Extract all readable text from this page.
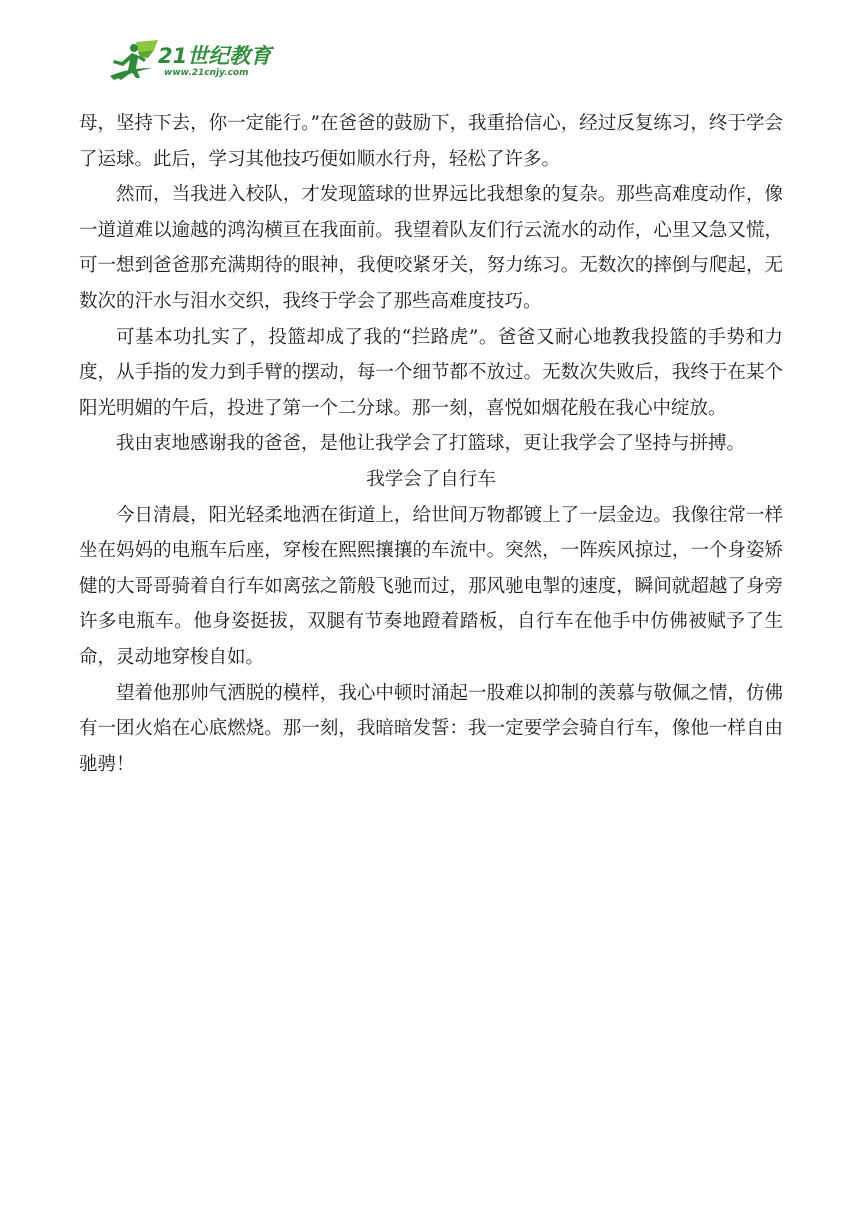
21世纪教育
www.21cnjy.com

母，坚持下去，你一定能行。”在爸爸的鼓励下，我重拾信心，经过反复练习，终于学会了运球。此后，学习其他技巧便如顺水行舟，轻松了许多。

然而，当我进入校队，才发现篮球的世界远比我想象的复杂。那些高难度动作，像一道道难以逾越的鸿沟横亘在我面前。我望着队友们行云流水的动作，心里又急又慌，可一想到爸爸那充满期待的眼神，我便咬紧牙关，努力练习。无数次的摔倒与爬起，无数次的汗水与泪水交织，我终于学会了那些高难度技巧。

可基本功扎实了，投篮却成了我的“拦路虎”。爸爸又耐心地教我投篮的手势和力度，从手指的发力到手臂的摆动，每一个细节都不放过。无数次失败后，我终于在某个阳光明媚的午后，投进了第一个二分球。那一刻，喜悦如烟花般在我心中绽放。

我由衷地感谢我的爸爸，是他让我学会了打篮球，更让我学会了坚持与拼搏。

我学会了自行车

今日清晨，阳光轻柔地洒在街道上，给世间万物都镀上了一层金边。我像往常一样坐在妈妈的电瓶车后座，穿梭在熙熙攘攘的车流中。突然，一阵疾风掠过，一个身姿矫健的大哥哥骑着自行车如离弦之箭般飞驰而过，那风驰电掣的速度，瞬间就超越了身旁许多电瓶车。他身姿挺拔，双腿有节奏地蹬着踏板，自行车在他手中仿佛被赋予了生命，灵动地穿梭自如。

望着他那帅气洒脱的模样，我心中顿时涌起一股难以抑制的羡慕与敬佩之情，仿佛有一团火焰在心底燃烧。那一刻，我暗暗发誓：我一定要学会骑自行车，像他一样自由驰骋！
